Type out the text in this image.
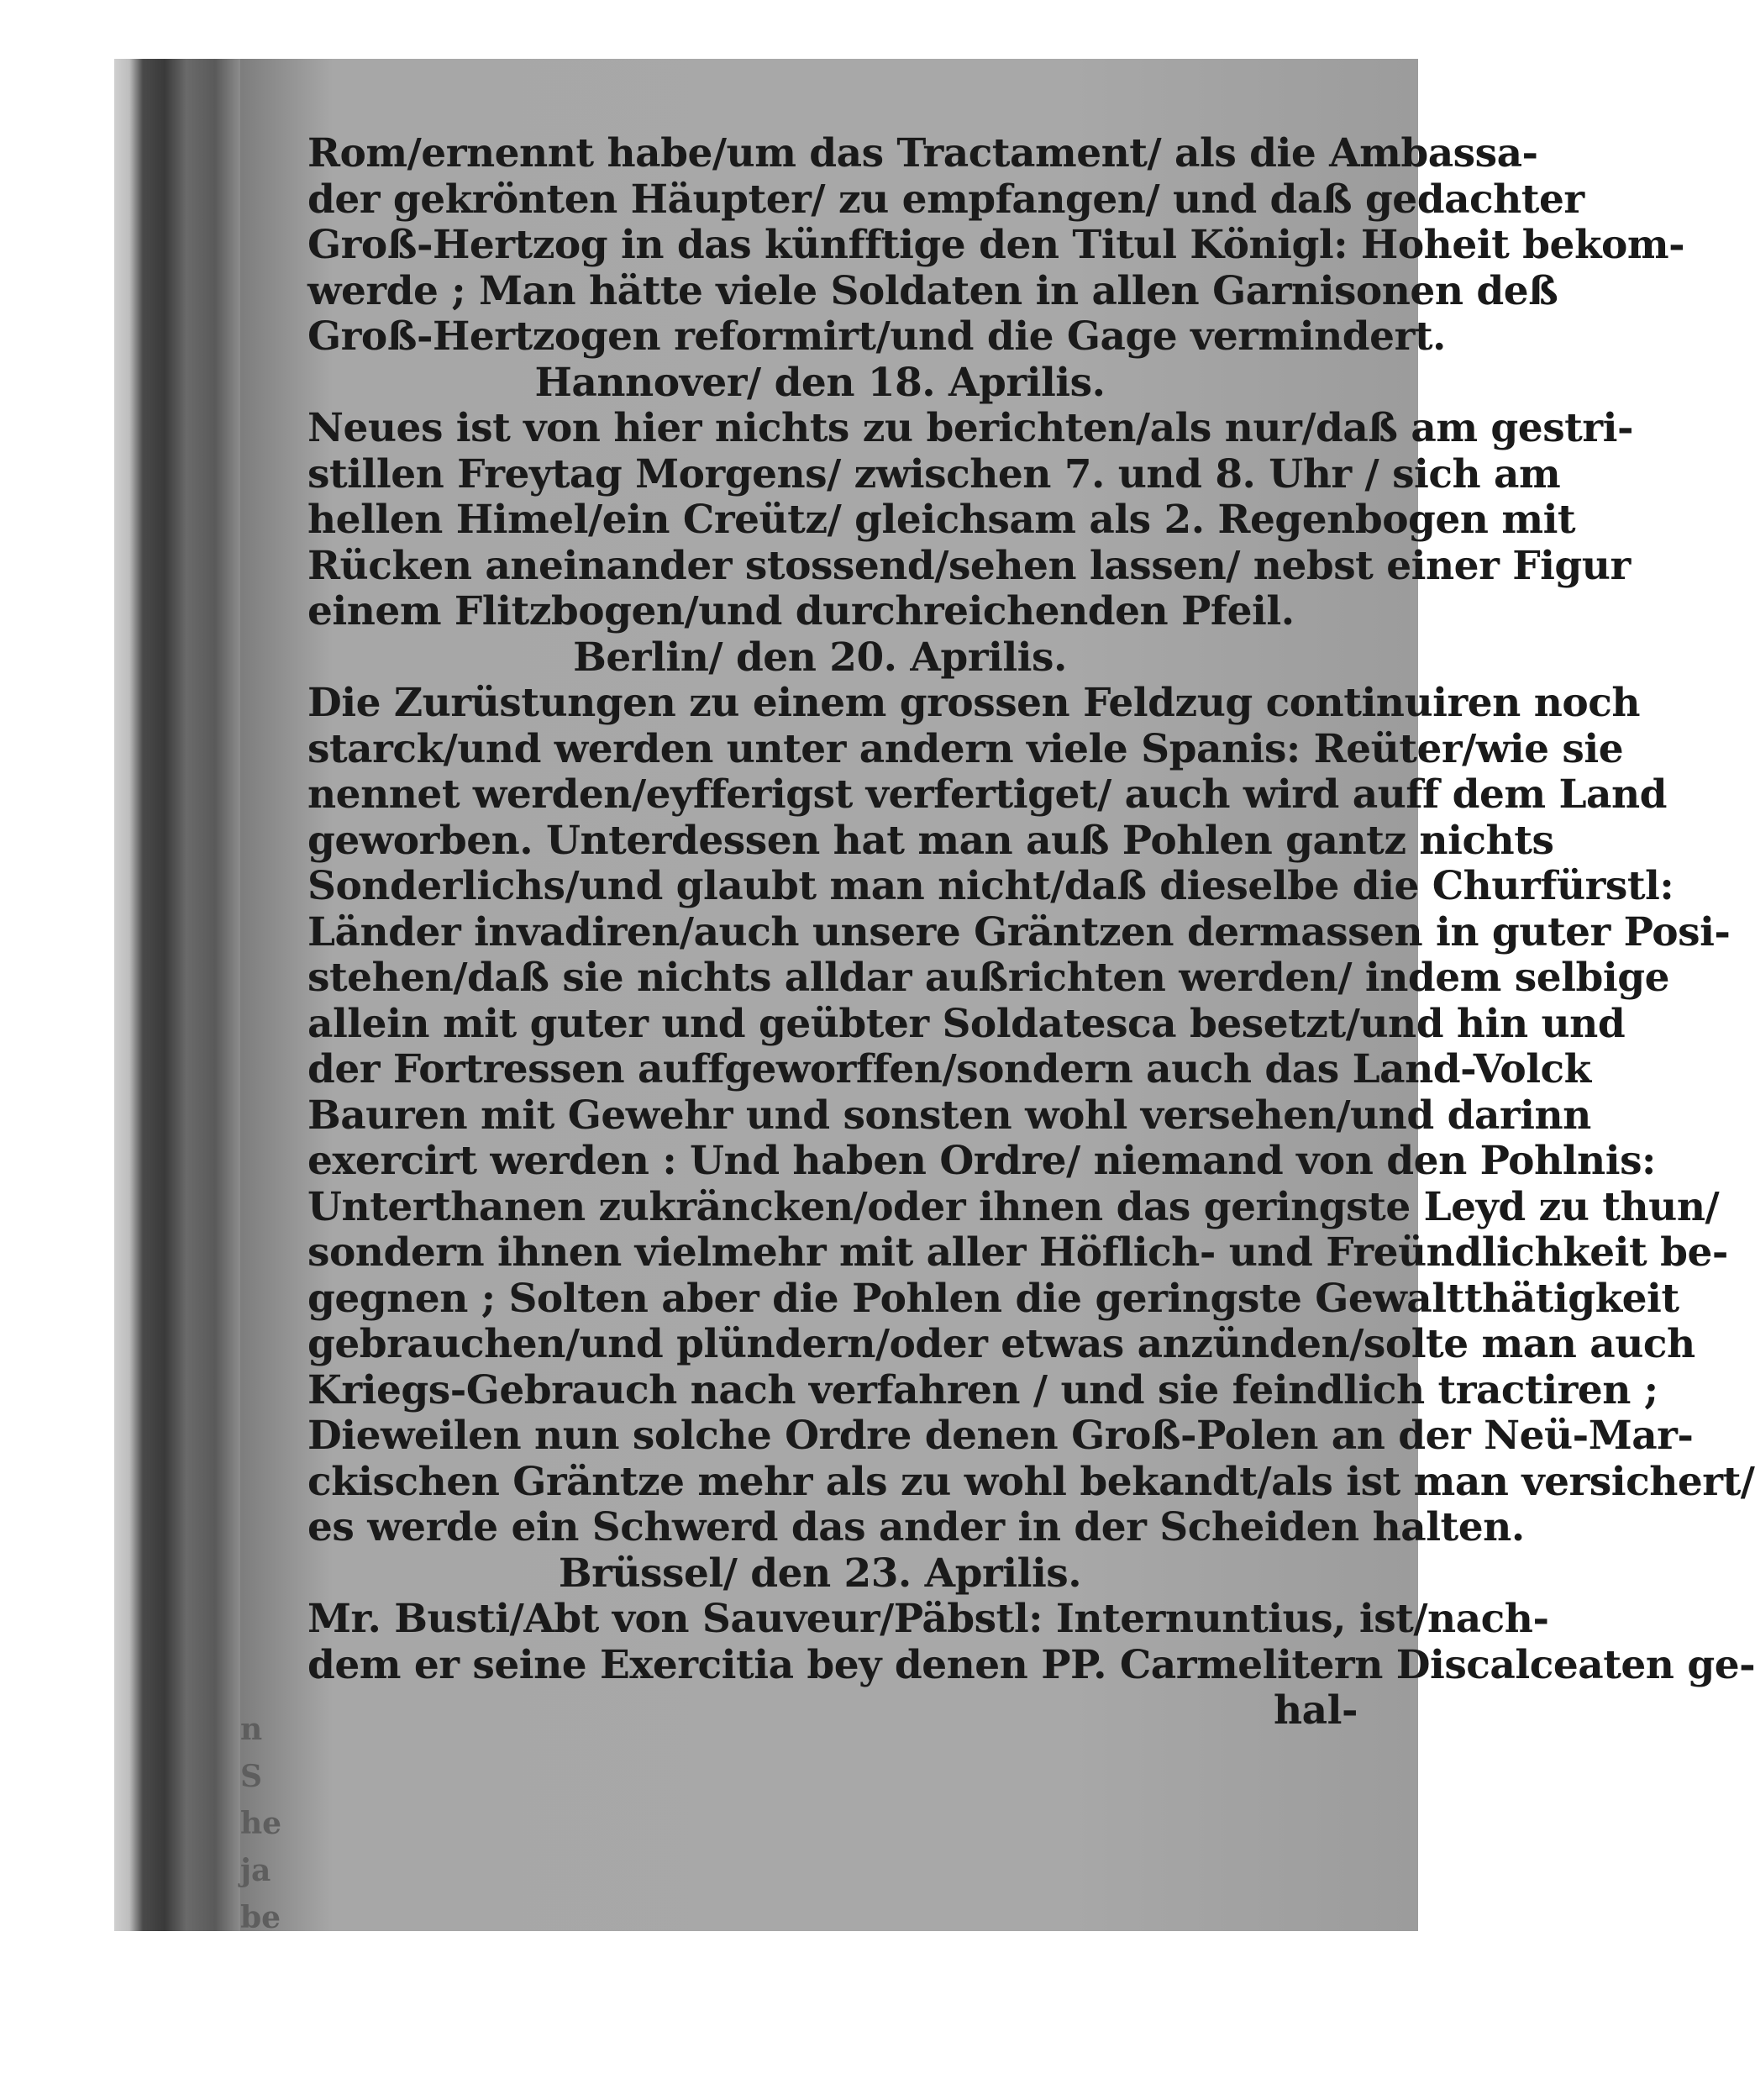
n
S
he
ja
be
Rom/ernennt habe/um das Tractament/ als die Ambassa-
der gekrönten Häupter/ zu empfangen/ und daß gedachter
Groß-Hertzog in das künfftige den Titul Königl: Hoheit bekom-
werde ; Man hätte viele Soldaten in allen Garnisonen deß
Groß-Hertzogen reformirt/und die Gage vermindert.
Hannover/ den 18. Aprilis.
Neues ist von hier nichts zu berichten/als nur/daß am gestri-
stillen Freytag Morgens/ zwischen 7. und 8. Uhr / sich am
hellen Himel/ein Creütz/ gleichsam als 2. Regenbogen mit
Rücken aneinander stossend/sehen lassen/ nebst einer Figur
einem Flitzbogen/und durchreichenden Pfeil.
Berlin/ den 20. Aprilis.
Die Zurüstungen zu einem grossen Feldzug continuiren noch
starck/und werden unter andern viele Spanis: Reüter/wie sie
nennet werden/eyfferigst verfertiget/ auch wird auff dem Land
geworben. Unterdessen hat man auß Pohlen gantz nichts
Sonderlichs/und glaubt man nicht/daß dieselbe die Churfürstl:
Länder invadiren/auch unsere Gräntzen dermassen in guter Posi-
stehen/daß sie nichts alldar außrichten werden/ indem selbige
allein mit guter und geübter Soldatesca besetzt/und hin und
der Fortressen auffgeworffen/sondern auch das Land-Volck
Bauren mit Gewehr und sonsten wohl versehen/und darinn
exercirt werden : Und haben Ordre/ niemand von den Pohlnis:
Unterthanen zukräncken/oder ihnen das geringste Leyd zu thun/
sondern ihnen vielmehr mit aller Höflich- und Freündlichkeit be-
gegnen ; Solten aber die Pohlen die geringste Gewaltthätigkeit
gebrauchen/und plündern/oder etwas anzünden/solte man auch
Kriegs-Gebrauch nach verfahren / und sie feindlich tractiren ;
Dieweilen nun solche Ordre denen Groß-Polen an der Neü-Mar-
ckischen Gräntze mehr als zu wohl bekandt/als ist man versichert/
es werde ein Schwerd das ander in der Scheiden halten.
Brüssel/ den 23. Aprilis.
Mr. Busti/Abt von Sauveur/Päbstl: Internuntius, ist/nach-
dem er seine Exercitia bey denen PP. Carmelitern Discalceaten ge-
hal-
